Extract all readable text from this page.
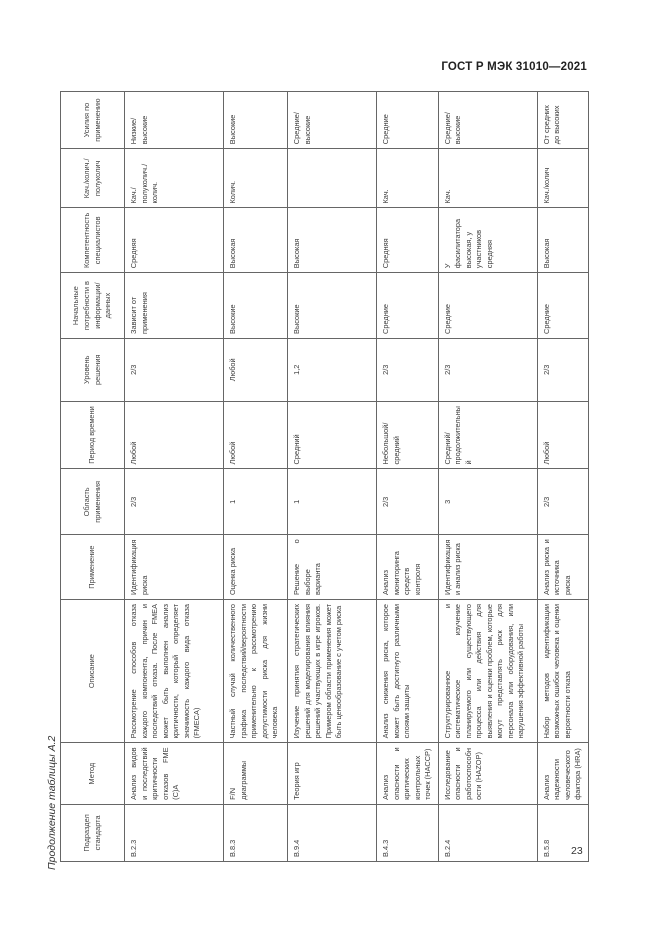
ГОСТ Р МЭК 31010—2021
Продолжение таблицы А.2	Подраздел стандарта	Метод	Описание	Применение	Область применения	Период времени	Уровень решения	Начальные потребности в информации/данных	Компетентность специалистов	Кач./колич./полуколич	Усилия по применению
B.2.3	Анализ видов и последствий критичности отказов FME (C)A	Рассмотрение способов отказа каждого компонента, причин и последствий отказа. После FMEA может быть выполнен анализ критичности, который определяет значимость каждого вида отказа (FMECA)	Идентификация риска	2/3	Любой	2/3	Зависит от применения	Средняя	Кач./полуколич./колич.	Низкие/высокие
B.8.3	F/N диаграммы	Частный случай количественного графика последствий/вероятности применительно к рассмотрению допустимости риска для жизни человека	Оценка риска	1	Любой	Любой	Высокие	Высокая	Колич.	Высокие
B.9.4	Теория игр	Изучение принятия стратегических решений для моделирования влияния решений участвующих в игре игроков. Примером области применения может быть ценообразование с учетом риска	Решение о выборе варианта	1	Средний	1,2	Высокие	Высокая		Средние/высокие
B.4.3	Анализ опасности и критических контрольных точек (HACCP)	Анализ снижения риска, которое может быть достигнуто различными слоями защиты	Анализ мониторинга средств контроля	2/3	Небольшой/средний	2/3	Средние	Средняя	Кач.	Средние
B.2.4	Исследование опасности и работоспособности (HAZOP)	Структурированное и систематическое изучение планируемого или существующего процесса или действия для выявления и оценки проблем, которые могут представлять риск для персонала или оборудования, или нарушения эффективной работы	Идентификация и анализ риска	3	Средний/продолжительный	2/3	Средние	У фасилитатора высокая, у участников средняя	Кач.	Средние/высокие
B.5.8	Анализ надежности человеческого фактора (HRA)	Набор методов идентификации возможных ошибок человека и оценки вероятности отказа	Анализ риска и источника риска	2/3	Любой	2/3	Средние	Высокая	Кач./колич	От средних до высоких
23
